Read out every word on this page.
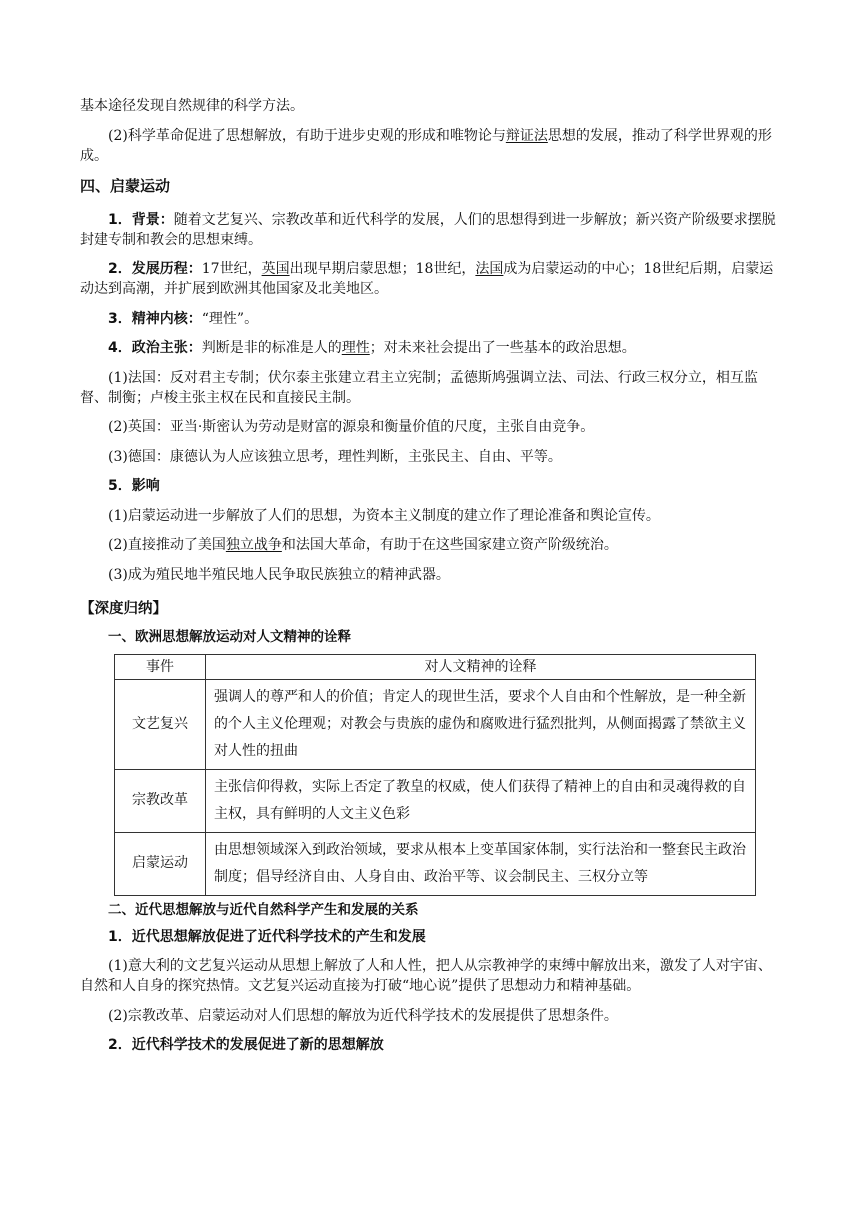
基本途径发现自然规律的科学方法。

(2)科学革命促进了思想解放，有助于进步史观的形成和唯物论与辩证法思想的发展，推动了科学世界观的形成。

四、启蒙运动

1．背景：随着文艺复兴、宗教改革和近代科学的发展，人们的思想得到进一步解放；新兴资产阶级要求摆脱封建专制和教会的思想束缚。

2．发展历程：17世纪，英国出现早期启蒙思想；18世纪，法国成为启蒙运动的中心；18世纪后期，启蒙运动达到高潮，并扩展到欧洲其他国家及北美地区。

3．精神内核：“理性”。

4．政治主张：判断是非的标准是人的理性；对未来社会提出了一些基本的政治思想。

(1)法国：反对君主专制；伏尔泰主张建立君主立宪制；孟德斯鸠强调立法、司法、行政三权分立，相互监督、制衡；卢梭主张主权在民和直接民主制。

(2)英国：亚当·斯密认为劳动是财富的源泉和衡量价值的尺度，主张自由竞争。

(3)德国：康德认为人应该独立思考，理性判断，主张民主、自由、平等。

5．影响

(1)启蒙运动进一步解放了人们的思想，为资本主义制度的建立作了理论准备和舆论宣传。

(2)直接推动了美国独立战争和法国大革命，有助于在这些国家建立资产阶级统治。

(3)成为殖民地半殖民地人民争取民族独立的精神武器。

【深度归纳】

一、欧洲思想解放运动对人文精神的诠释

事件	对人文精神的诠释
文艺复兴	强调人的尊严和人的价值；肯定人的现世生活，要求个人自由和个性解放，是一种全新的个人主义伦理观；对教会与贵族的虚伪和腐败进行猛烈批判，从侧面揭露了禁欲主义对人性的扭曲
宗教改革	主张信仰得救，实际上否定了教皇的权威，使人们获得了精神上的自由和灵魂得救的自主权，具有鲜明的人文主义色彩
启蒙运动	由思想领域深入到政治领域，要求从根本上变革国家体制，实行法治和一整套民主政治制度；倡导经济自由、人身自由、政治平等、议会制民主、三权分立等

二、近代思想解放与近代自然科学产生和发展的关系

1．近代思想解放促进了近代科学技术的产生和发展

(1)意大利的文艺复兴运动从思想上解放了人和人性，把人从宗教神学的束缚中解放出来，激发了人对宇宙、自然和人自身的探究热情。文艺复兴运动直接为打破“地心说”提供了思想动力和精神基础。

(2)宗教改革、启蒙运动对人们思想的解放为近代科学技术的发展提供了思想条件。

2．近代科学技术的发展促进了新的思想解放
